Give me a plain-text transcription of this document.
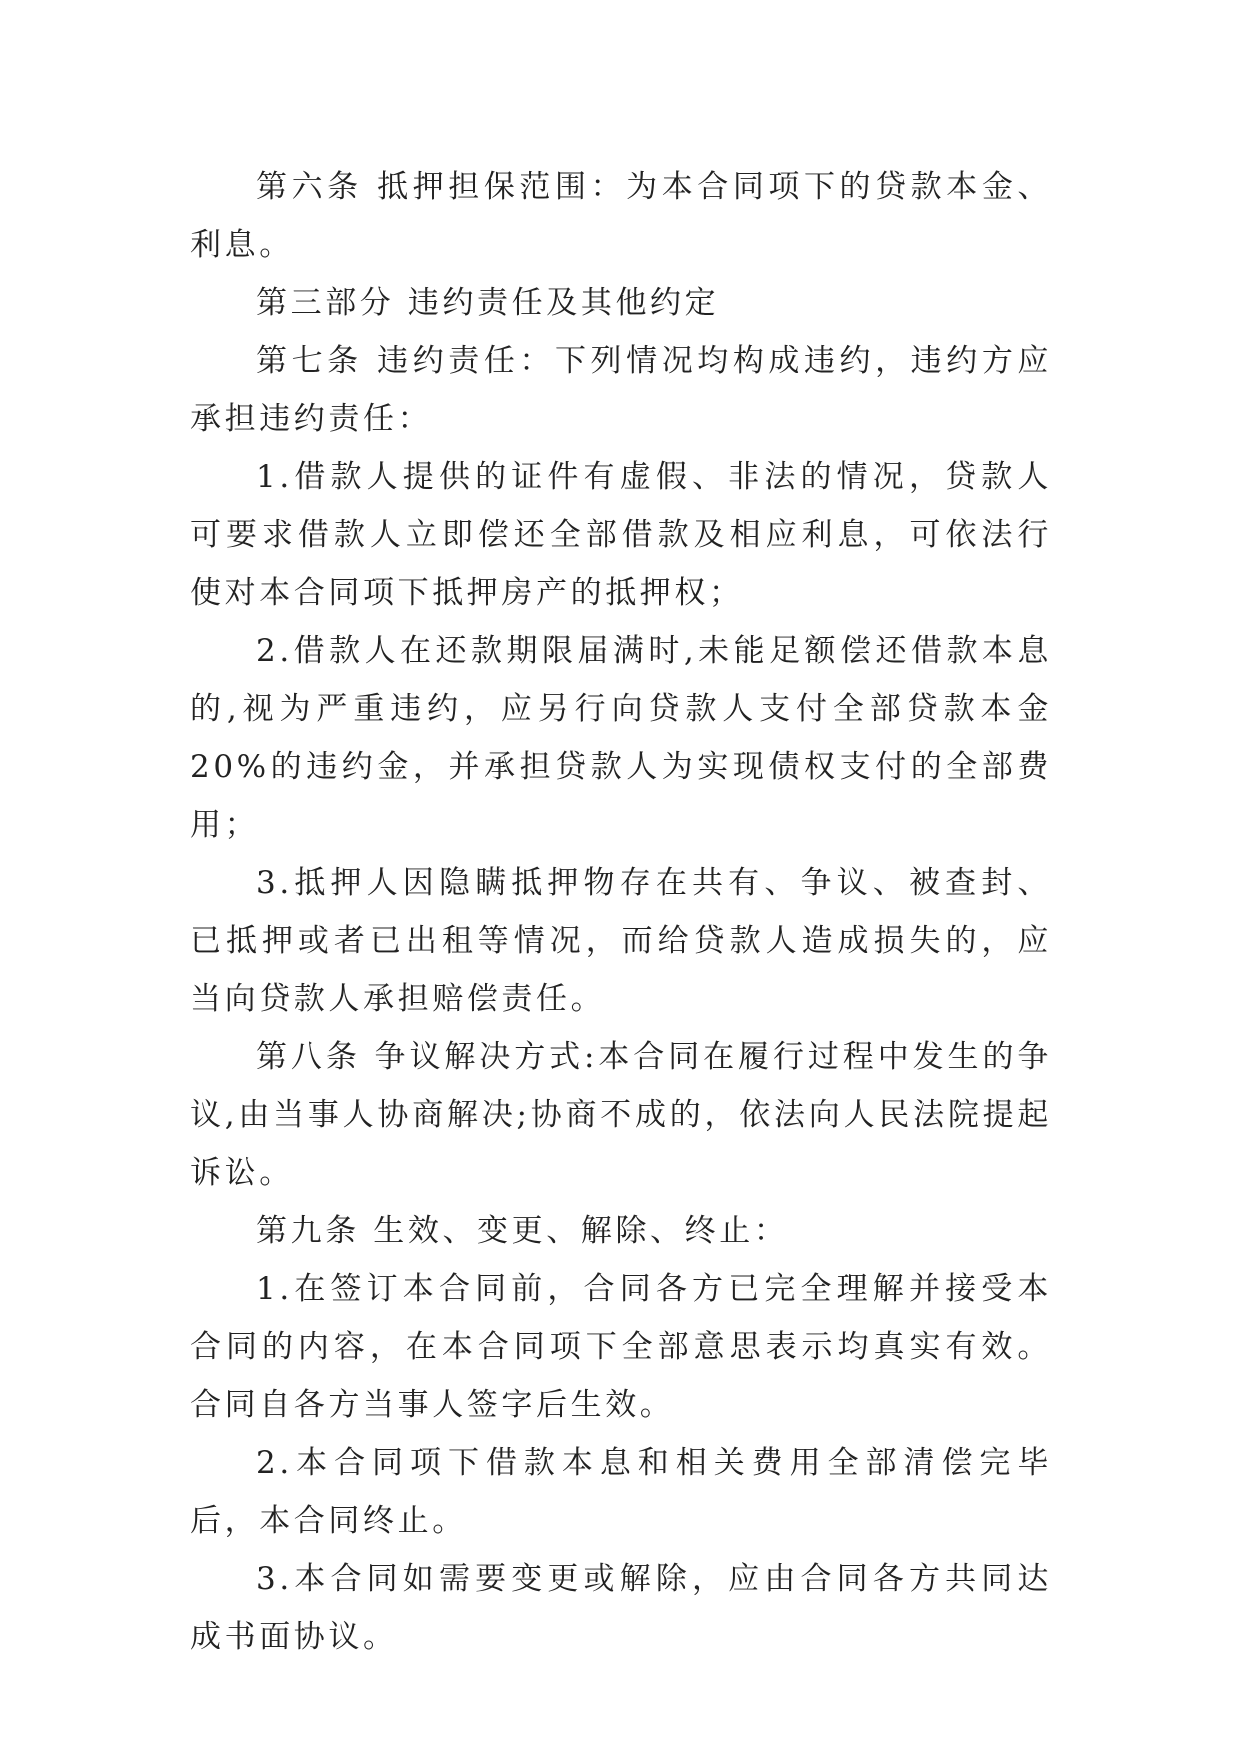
第六条 抵押担保范围：为本合同项下的贷款本金、利息。

第三部分 违约责任及其他约定

第七条 违约责任：下列情况均构成违约，违约方应承担违约责任：

1.借款人提供的证件有虚假、非法的情况，贷款人可要求借款人立即偿还全部借款及相应利息，可依法行使对本合同项下抵押房产的抵押权；

2.借款人在还款期限届满时,未能足额偿还借款本息的,视为严重违约，应另行向贷款人支付全部贷款本金 20%的违约金，并承担贷款人为实现债权支付的全部费用；

3.抵押人因隐瞒抵押物存在共有、争议、被查封、已抵押或者已出租等情况，而给贷款人造成损失的，应当向贷款人承担赔偿责任。

第八条 争议解决方式:本合同在履行过程中发生的争议,由当事人协商解决;协商不成的，依法向人民法院提起诉讼。

第九条 生效、变更、解除、终止：

1.在签订本合同前，合同各方已完全理解并接受本合同的内容，在本合同项下全部意思表示均真实有效。合同自各方当事人签字后生效。

2.本合同项下借款本息和相关费用全部清偿完毕后，本合同终止。

3.本合同如需要变更或解除，应由合同各方共同达成书面协议。
